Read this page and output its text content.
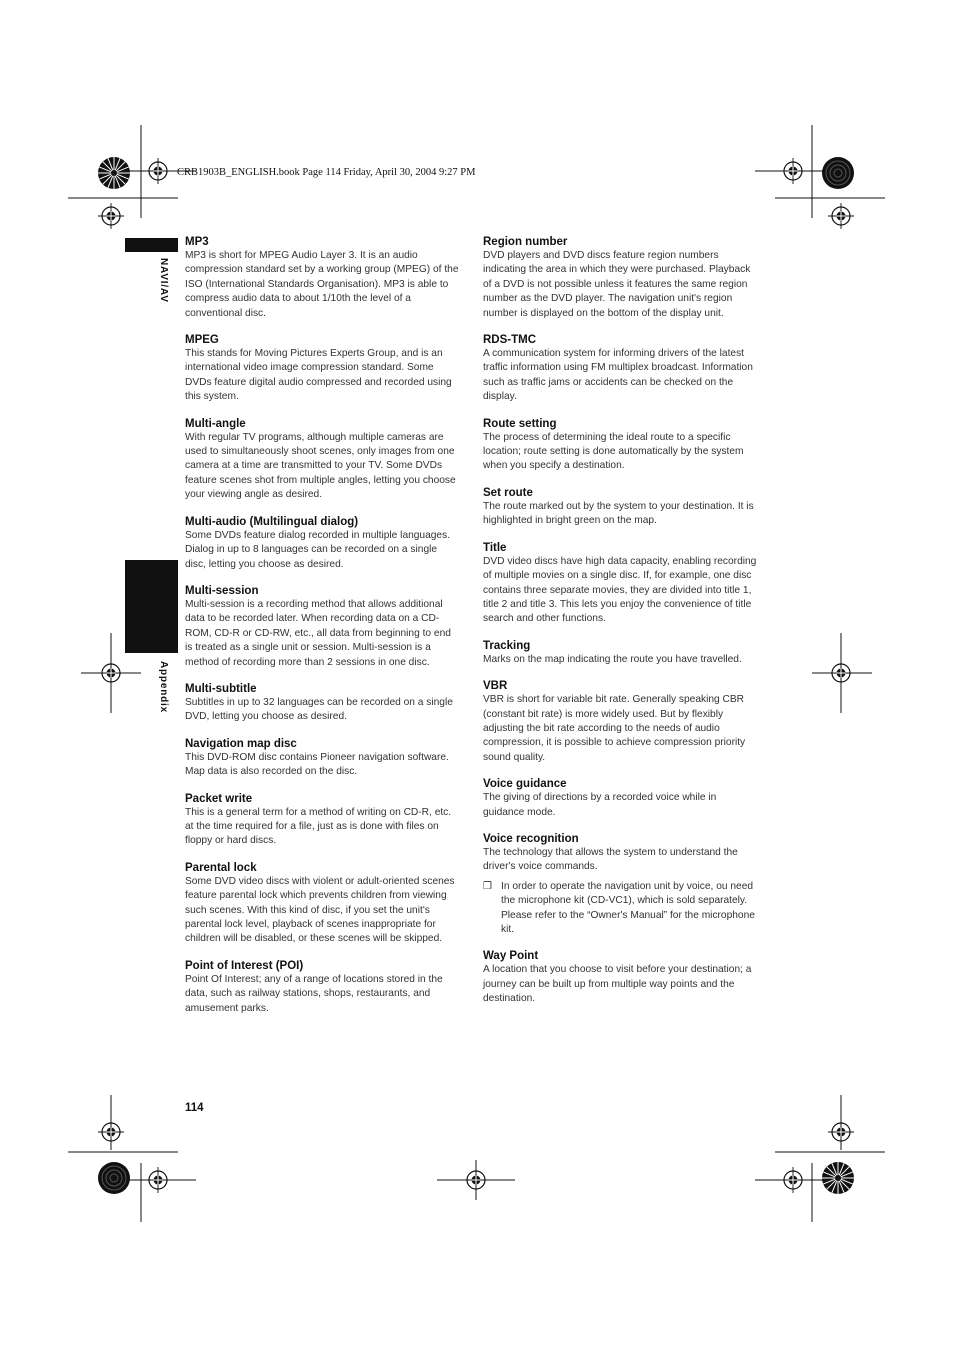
CRB1903B_ENGLISH.book Page 114 Friday, April 30, 2004 9:27 PM
NAVI/AV
Appendix

MP3

MP3 is short for MPEG Audio Layer 3. It is an audio compression standard set by a working group (MPEG) of the ISO (International Standards Organisation). MP3 is able to compress audio data to about 1/10th the level of a conventional disc.

MPEG

This stands for Moving Pictures Experts Group, and is an international video image compression standard. Some DVDs feature digital audio compressed and recorded using this system.

Multi-angle

With regular TV programs, although multiple cameras are used to simultaneously shoot scenes, only images from one camera at a time are transmitted to your TV. Some DVDs feature scenes shot from multiple angles, letting you choose your viewing angle as desired.

Multi-audio (Multilingual dialog)

Some DVDs feature dialog recorded in multiple languages. Dialog in up to 8 languages can be recorded on a single disc, letting you choose as desired.

Multi-session

Multi-session is a recording method that allows additional data to be recorded later. When recording data on a CD-ROM, CD-R or CD-RW, etc., all data from beginning to end is treated as a single unit or session. Multi-session is a method of recording more than 2 sessions in one disc.

Multi-subtitle

Subtitles in up to 32 languages can be recorded on a single DVD, letting you choose as desired.

Navigation map disc

This DVD-ROM disc contains Pioneer navigation software. Map data is also recorded on the disc.

Packet write

This is a general term for a method of writing on CD-R, etc. at the time required for a file, just as is done with files on floppy or hard discs.

Parental lock

Some DVD video discs with violent or adult-oriented scenes feature parental lock which prevents children from viewing such scenes. With this kind of disc, if you set the unit's parental lock level, playback of scenes inappropriate for children will be disabled, or these scenes will be skipped.

Point of Interest (POI)

Point Of Interest; any of a range of locations stored in the data, such as railway stations, shops, restaurants, and amusement parks.

Region number

DVD players and DVD discs feature region numbers indicating the area in which they were purchased. Playback of a DVD is not possible unless it features the same region number as the DVD player. The navigation unit's region number is displayed on the bottom of the display unit.

RDS-TMC

A communication system for informing drivers of the latest traffic information using FM multiplex broadcast. Information such as traffic jams or accidents can be checked on the display.

Route setting

The process of determining the ideal route to a specific location; route setting is done automatically by the system when you specify a destination.

Set route

The route marked out by the system to your destination. It is highlighted in bright green on the map.

Title

DVD video discs have high data capacity, enabling recording of multiple movies on a single disc. If, for example, one disc contains three separate movies, they are divided into title 1, title 2 and title 3. This lets you enjoy the convenience of title search and other functions.

Tracking

Marks on the map indicating the route you have travelled.

VBR

VBR is short for variable bit rate. Generally speaking CBR (constant bit rate) is more widely used. But by flexibly adjusting the bit rate according to the needs of audio compression, it is possible to achieve compression priority sound quality.

Voice guidance

The giving of directions by a recorded voice while in guidance mode.

Voice recognition

The technology that allows the system to understand the driver's voice commands.

❒ In order to operate the navigation unit by voice, ou need the microphone kit (CD-VC1), which is sold separately. Please refer to the “Owner's Manual” for the microphone kit.

Way Point

A location that you choose to visit before your destination; a journey can be built up from multiple way points and the destination.

114
